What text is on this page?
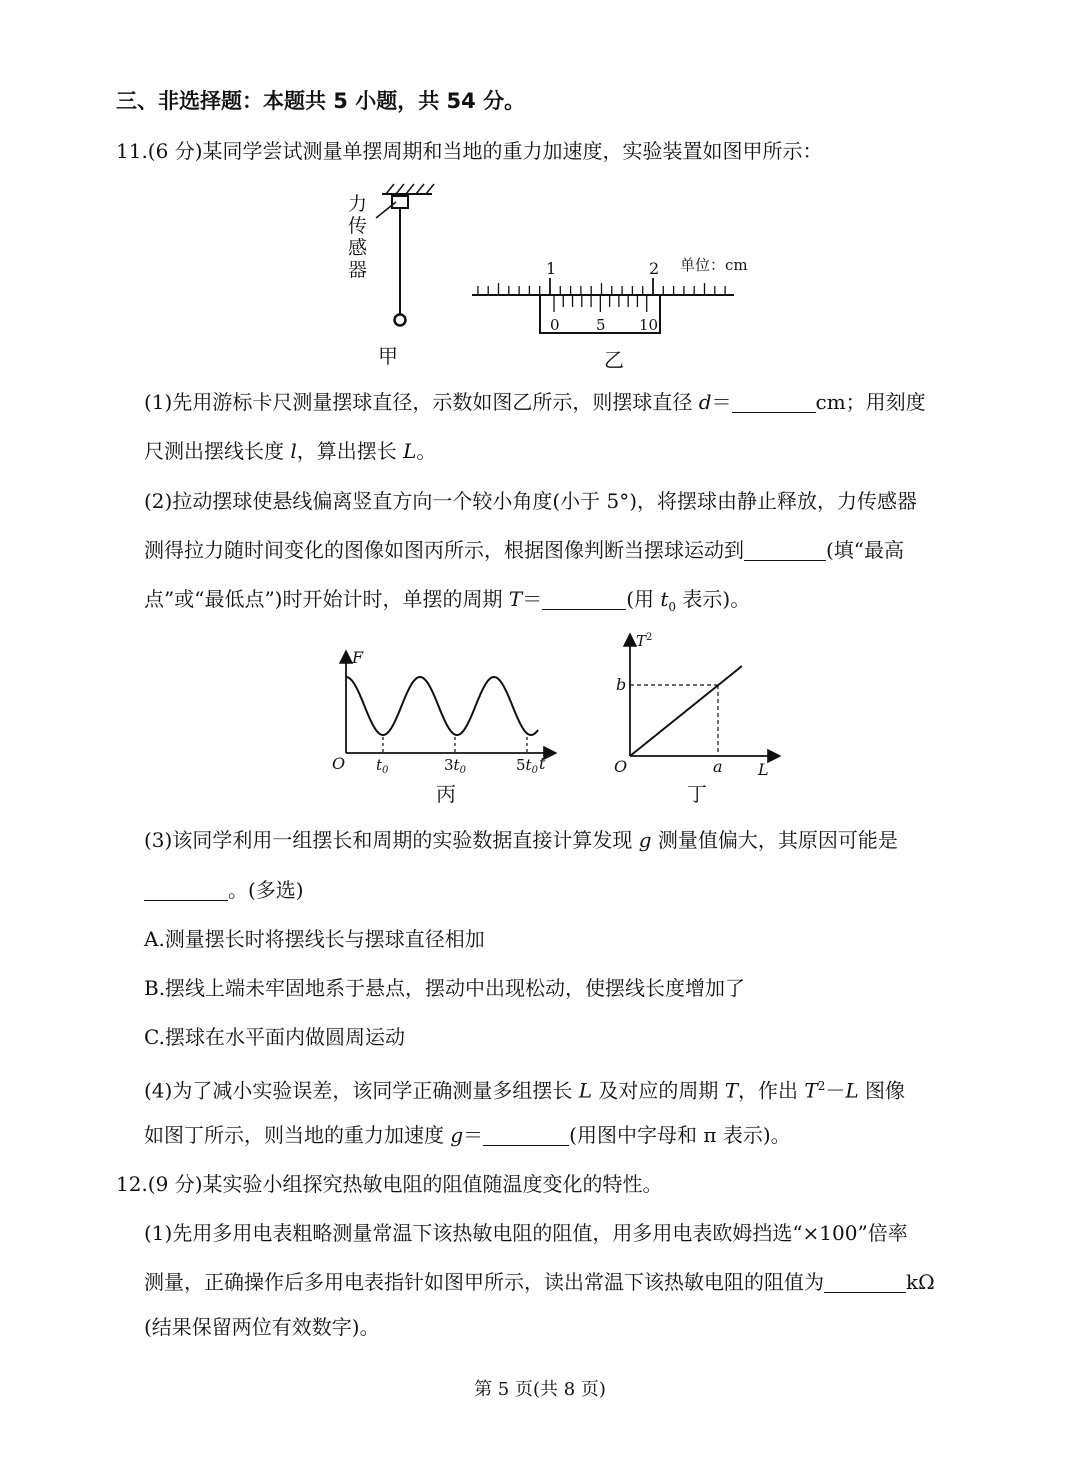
三、非选择题：本题共 5 小题，共 54 分。
11.(6 分)某同学尝试测量单摆周期和当地的重力加速度，实验装置如图甲所示：
力
传
感
器
甲
1	2 单位：cm
0 5 10
乙
(1)先用游标卡尺测量摆球直径，示数如图乙所示，则摆球直径 d＝	cm；用刻度
尺测出摆线长度 l，算出摆长 L。
(2)拉动摆球使悬线偏离竖直方向一个较小角度(小于 5°)，将摆球由静止释放，力传感器
测得拉力随时间变化的图像如图丙所示，根据图像判断当摆球运动到	(填“最高
点”或“最低点”)时开始计时，单摆的周期 T＝	(用 $t_0$ 表示)。
F
O $t_0$	$3t_0$	$5t_0$ t
丙
$T^2$
b
O	a L
丁
(3)该同学利用一组摆长和周期的实验数据直接计算发现 g 测量值偏大，其原因可能是
。(多选)
A.测量摆长时将摆线长与摆球直径相加
B.摆线上端未牢固地系于悬点，摆动中出现松动，使摆线长度增加了
C.摆球在水平面内做圆周运动
(4)为了减小实验误差，该同学正确测量多组摆长 L 及对应的周期 T，作出 $T^2-L$ 图像
如图丁所示，则当地的重力加速度 g＝	(用图中字母和 π 表示)。
12.(9 分)某实验小组探究热敏电阻的阻值随温度变化的特性。
(1)先用多用电表粗略测量常温下该热敏电阻的阻值，用多用电表欧姆挡选“×100”倍率
测量，正确操作后多用电表指针如图甲所示，读出常温下该热敏电阻的阻值为	kΩ
(结果保留两位有效数字)。
第 5 页(共 8 页)
